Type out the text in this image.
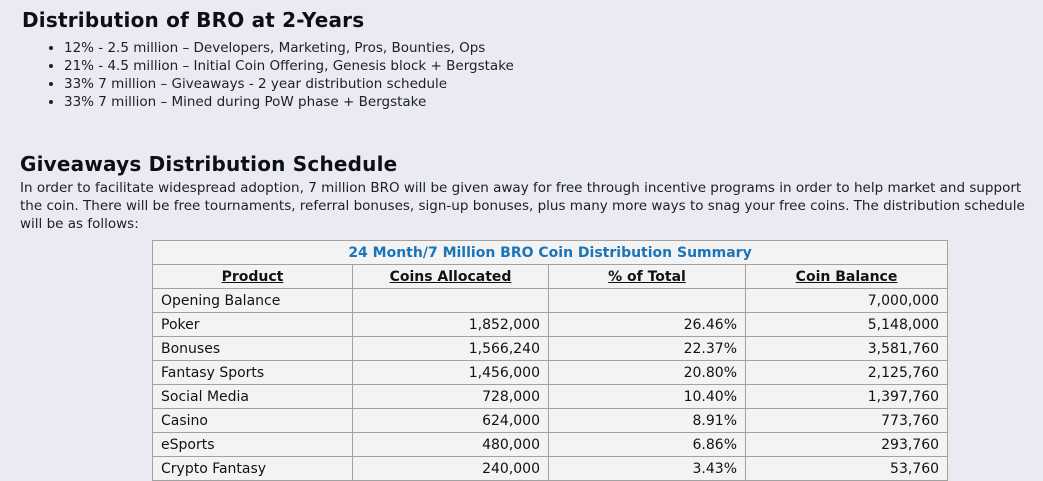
Distribution of BRO at 2-Years
• 12% - 2.5 million – Developers, Marketing, Pros, Bounties, Ops
• 21% - 4.5 million – Initial Coin Offering, Genesis block + Bergstake
• 33% 7 million – Giveaways - 2 year distribution schedule
• 33% 7 million – Mined during PoW phase + Bergstake
Giveaways Distribution Schedule

In order to facilitate widespread adoption, 7 million BRO will be given away for free through incentive programs in order to help market and support the coin. There will be free tournaments, referral bonuses, sign-up bonuses, plus many more ways to snag your free coins. The distribution schedule will be as follows:

24 Month/7 Million BRO Coin Distribution Summary			
Product	Coins Allocated	% of Total	Coin Balance
Opening Balance			7,000,000
Poker	1,852,000	26.46%	5,148,000
Bonuses	1,566,240	22.37%	3,581,760
Fantasy Sports	1,456,000	20.80%	2,125,760
Social Media	728,000	10.40%	1,397,760
Casino	624,000	8.91%	773,760
eSports	480,000	6.86%	293,760
Crypto Fantasy	240,000	3.43%	53,760
